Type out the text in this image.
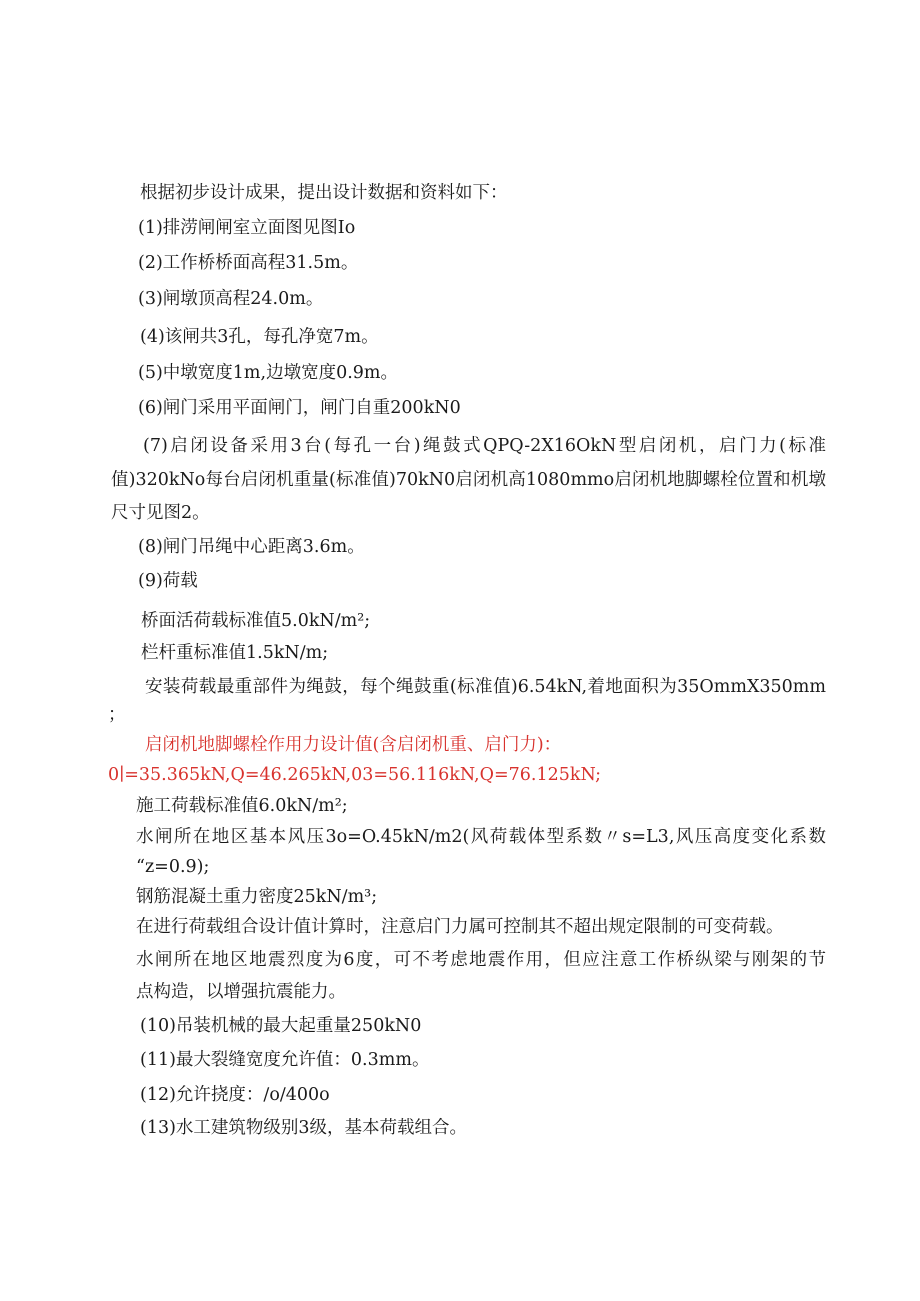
根据初步设计成果，提出设计数据和资料如下：

(1)排涝闸闸室立面图见图Io

(2)工作桥桥面高程31.5m。

(3)闸墩顶高程24.0m。

(4)该闸共3孔，每孔净宽7m。

(5)中墩宽度1m,边墩宽度0.9m。

(6)闸门采用平面闸门，闸门自重200kN0

(7)启闭设备采用3台(每孔一台)绳鼓式QPQ-2X16OkN型启闭机，启门力(标准

值)320kNo每台启闭机重量(标准值)70kN0启闭机高1080mmo启闭机地脚螺栓位置和机墩

尺寸见图2。

(8)闸门吊绳中心距离3.6m。

(9)荷载

桥面活荷载标准值5.0kN∕m²;

栏杆重标准值1.5kN∕m;

安装荷载最重部件为绳鼓，每个绳鼓重(标准值)6.54kN,着地面积为35OmmX350mm

；

启闭机地脚螺栓作用力设计值(含启闭机重、启门力)：

0∣=35.365kN,Q=46.265kN,03=56.116kN,Q=76.125kN;

施工荷载标准值6.0kN∕m²;

水闸所在地区基本风压3o=O.45kN∕m2(风荷载体型系数〃s=L3,风压高度变化系数

“z=0.9);

钢筋混凝土重力密度25kN∕m³;

在进行荷载组合设计值计算时，注意启门力属可控制其不超出规定限制的可变荷载。

水闸所在地区地震烈度为6度，可不考虑地震作用，但应注意工作桥纵梁与刚架的节

点构造，以增强抗震能力。

(10)吊装机械的最大起重量250kN0

(11)最大裂缝宽度允许值：0.3mm。

(12)允许挠度：∕o∕400o

(13)水工建筑物级别3级，基本荷载组合。
